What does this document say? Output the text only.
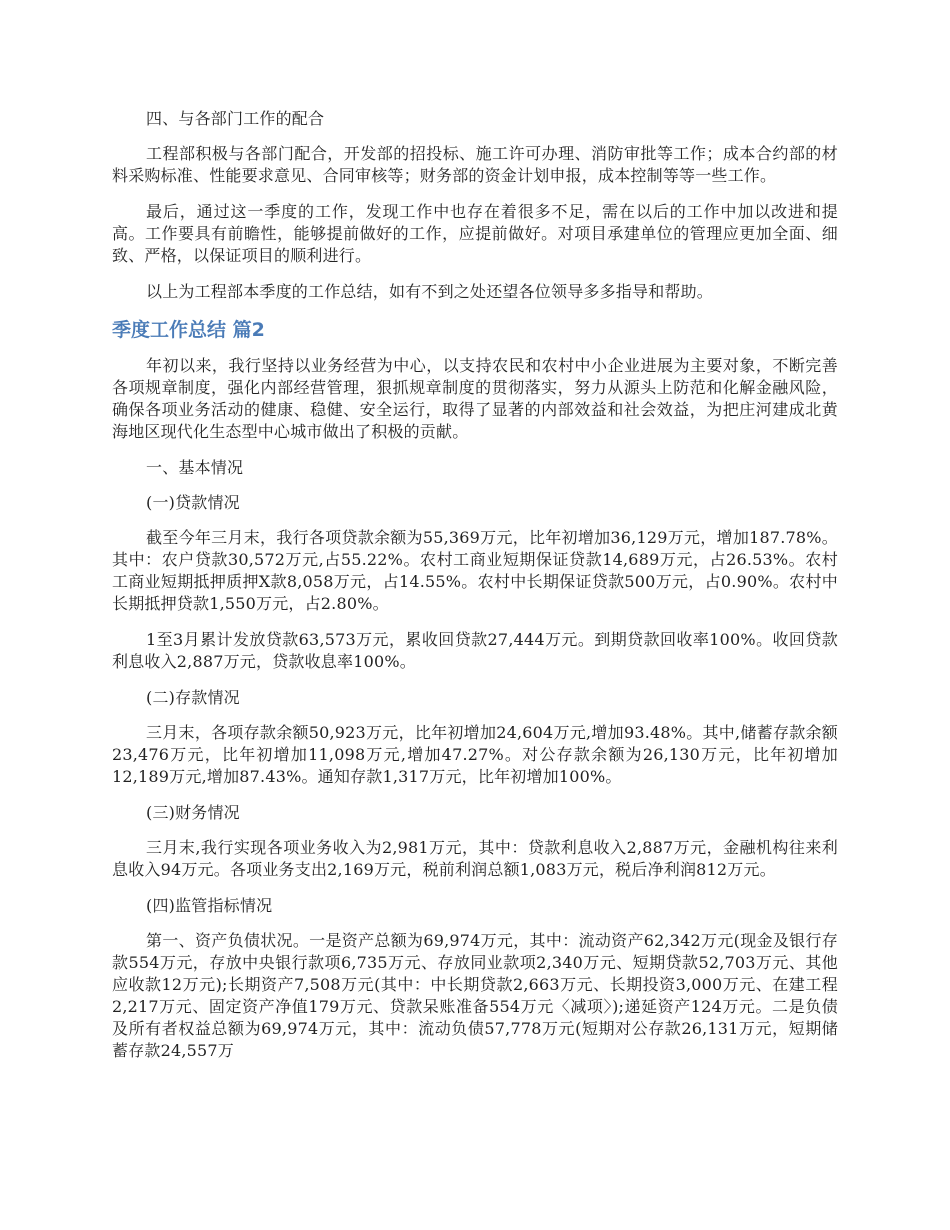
四、与各部门工作的配合

工程部积极与各部门配合，开发部的招投标、施工许可办理、消防审批等工作；成本合约部的材料采购标准、性能要求意见、合同审核等；财务部的资金计划申报，成本控制等等一些工作。

最后，通过这一季度的工作，发现工作中也存在着很多不足，需在以后的工作中加以改进和提高。工作要具有前瞻性，能够提前做好的工作，应提前做好。对项目承建单位的管理应更加全面、细致、严格，以保证项目的顺利进行。

以上为工程部本季度的工作总结，如有不到之处还望各位领导多多指导和帮助。

季度工作总结 篇2

年初以来，我行坚持以业务经营为中心，以支持农民和农村中小企业进展为主要对象，不断完善各项规章制度，强化内部经营管理，狠抓规章制度的贯彻落实，努力从源头上防范和化解金融风险，确保各项业务活动的健康、稳健、安全运行，取得了显著的内部效益和社会效益，为把庄河建成北黄海地区现代化生态型中心城市做出了积极的贡献。

一、基本情况

(一)贷款情况

截至今年三月末，我行各项贷款余额为55,369万元，比年初增加36,129万元，增加187.78%。其中：农户贷款30,572万元,占55.22%。农村工商业短期保证贷款14,689万元，占26.53%。农村工商业短期抵押质押X款8,058万元，占14.55%。农村中长期保证贷款500万元，占0.90%。农村中长期抵押贷款1,550万元，占2.80%。

1至3月累计发放贷款63,573万元，累收回贷款27,444万元。到期贷款回收率100%。收回贷款利息收入2,887万元，贷款收息率100%。

(二)存款情况

三月末，各项存款余额50,923万元，比年初增加24,604万元,增加93.48%。其中,储蓄存款余额23,476万元，比年初增加11,098万元,增加47.27%。对公存款余额为26,130万元，比年初增加12,189万元,增加87.43%。通知存款1,317万元，比年初增加100%。

(三)财务情况

三月末,我行实现各项业务收入为2,981万元，其中：贷款利息收入2,887万元，金融机构往来利息收入94万元。各项业务支出2,169万元，税前利润总额1,083万元，税后净利润812万元。

(四)监管指标情况

第一、资产负债状况。一是资产总额为69,974万元，其中：流动资产62,342万元(现金及银行存款554万元，存放中央银行款项6,735万元、存放同业款项2,340万元、短期贷款52,703万元、其他应收款12万元);长期资产7,508万元(其中：中长期贷款2,663万元、长期投资3,000万元、在建工程2,217万元、固定资产净值179万元、贷款呆账准备554万元〈减项〉);递延资产124万元。二是负债及所有者权益总额为69,974万元，其中：流动负债57,778万元(短期对公存款26,131万元，短期储蓄存款24,557万
